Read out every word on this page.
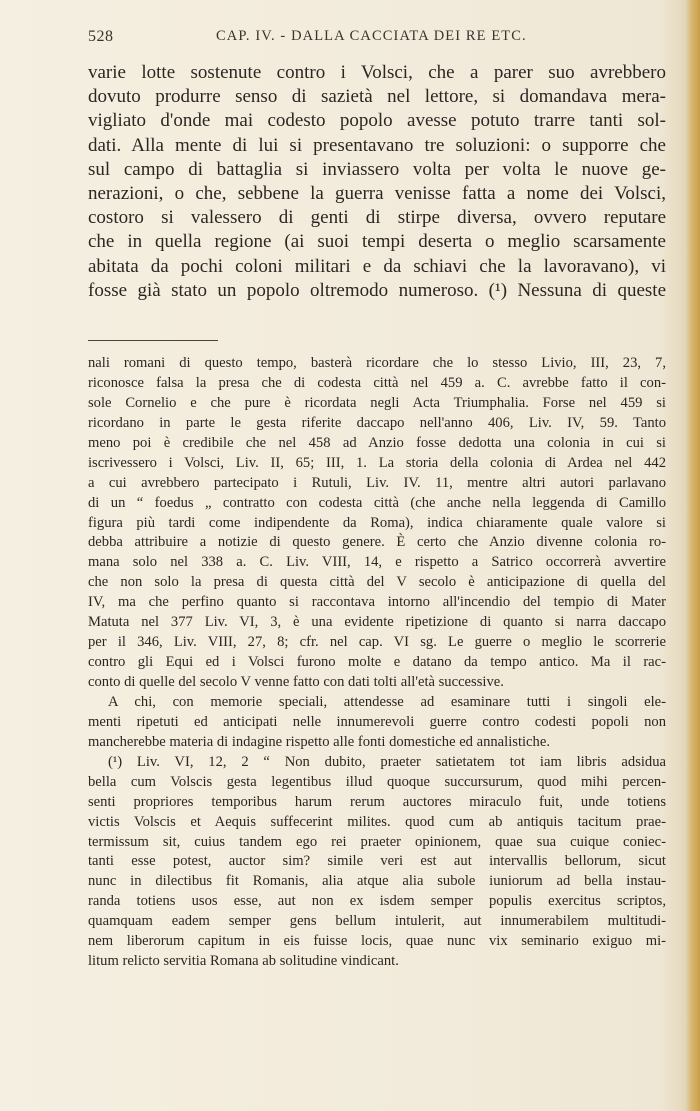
528	CAP. IV. - DALLA CACCIATA DEI RE ETC.
varie lotte sostenute contro i Volsci, che a parer suo avrebbero
dovuto produrre senso di sazietà nel lettore, si domandava mera-
vigliato d'onde mai codesto popolo avesse potuto trarre tanti sol-
dati. Alla mente di lui si presentavano tre soluzioni: o supporre che
sul campo di battaglia si inviassero volta per volta le nuove ge-
nerazioni, o che, sebbene la guerra venisse fatta a nome dei Volsci,
costoro si valessero di genti di stirpe diversa, ovvero reputare
che in quella regione (ai suoi tempi deserta o meglio scarsamente
abitata da pochi coloni militari e da schiavi che la lavoravano), vi
fosse già stato un popolo oltremodo numeroso. (¹) Nessuna di queste
nali romani di questo tempo, basterà ricordare che lo stesso Livio, III, 23, 7,
riconosce falsa la presa che di codesta città nel 459 a. C. avrebbe fatto il con-
sole Cornelio e che pure è ricordata negli Acta Triumphalia. Forse nel 459 si
ricordano in parte le gesta riferite daccapo nell'anno 406, Liv. IV, 59. Tanto
meno poi è credibile che nel 458 ad Anzio fosse dedotta una colonia in cui si
iscrivessero i Volsci, Liv. II, 65; III, 1. La storia della colonia di Ardea nel 442
a cui avrebbero partecipato i Rutuli, Liv. IV. 11, mentre altri autori parlavano
di un “ foedus „ contratto con codesta città (che anche nella leggenda di Camillo
figura più tardi come indipendente da Roma), indica chiaramente quale valore si
debba attribuire a notizie di questo genere. È certo che Anzio divenne colonia ro-
mana solo nel 338 a. C. Liv. VIII, 14, e rispetto a Satrico occorrerà avvertire
che non solo la presa di questa città del V secolo è anticipazione di quella del
IV, ma che perfino quanto si raccontava intorno all'incendio del tempio di Mater
Matuta nel 377 Liv. VI, 3, è una evidente ripetizione di quanto si narra daccapo
per il 346, Liv. VIII, 27, 8; cfr. nel cap. VI sg. Le guerre o meglio le scorrerie
contro gli Equi ed i Volsci furono molte e datano da tempo antico. Ma il rac-
conto di quelle del secolo V venne fatto con dati tolti all'età successive.
A chi, con memorie speciali, attendesse ad esaminare tutti i singoli ele-
menti ripetuti ed anticipati nelle innumerevoli guerre contro codesti popoli non
mancherebbe materia di indagine rispetto alle fonti domestiche ed annalistiche.
(¹) Liv. VI, 12, 2 “ Non dubito, praeter satietatem tot iam libris adsidua
bella cum Volscis gesta legentibus illud quoque succursurum, quod mihi percen-
senti propriores temporibus harum rerum auctores miraculo fuit, unde totiens
victis Volscis et Aequis suffecerint milites. quod cum ab antiquis tacitum prae-
termissum sit, cuius tandem ego rei praeter opinionem, quae sua cuique coniec-
tanti esse potest, auctor sim? simile veri est aut intervallis bellorum, sicut
nunc in dilectibus fit Romanis, alia atque alia subole iuniorum ad bella instau-
randa totiens usos esse, aut non ex isdem semper populis exercitus scriptos,
quamquam eadem semper gens bellum intulerit, aut innumerabilem multitudi-
nem liberorum capitum in eis fuisse locis, quae nunc vix seminario exiguo mi-
litum relicto servitia Romana ab solitudine vindicant.
